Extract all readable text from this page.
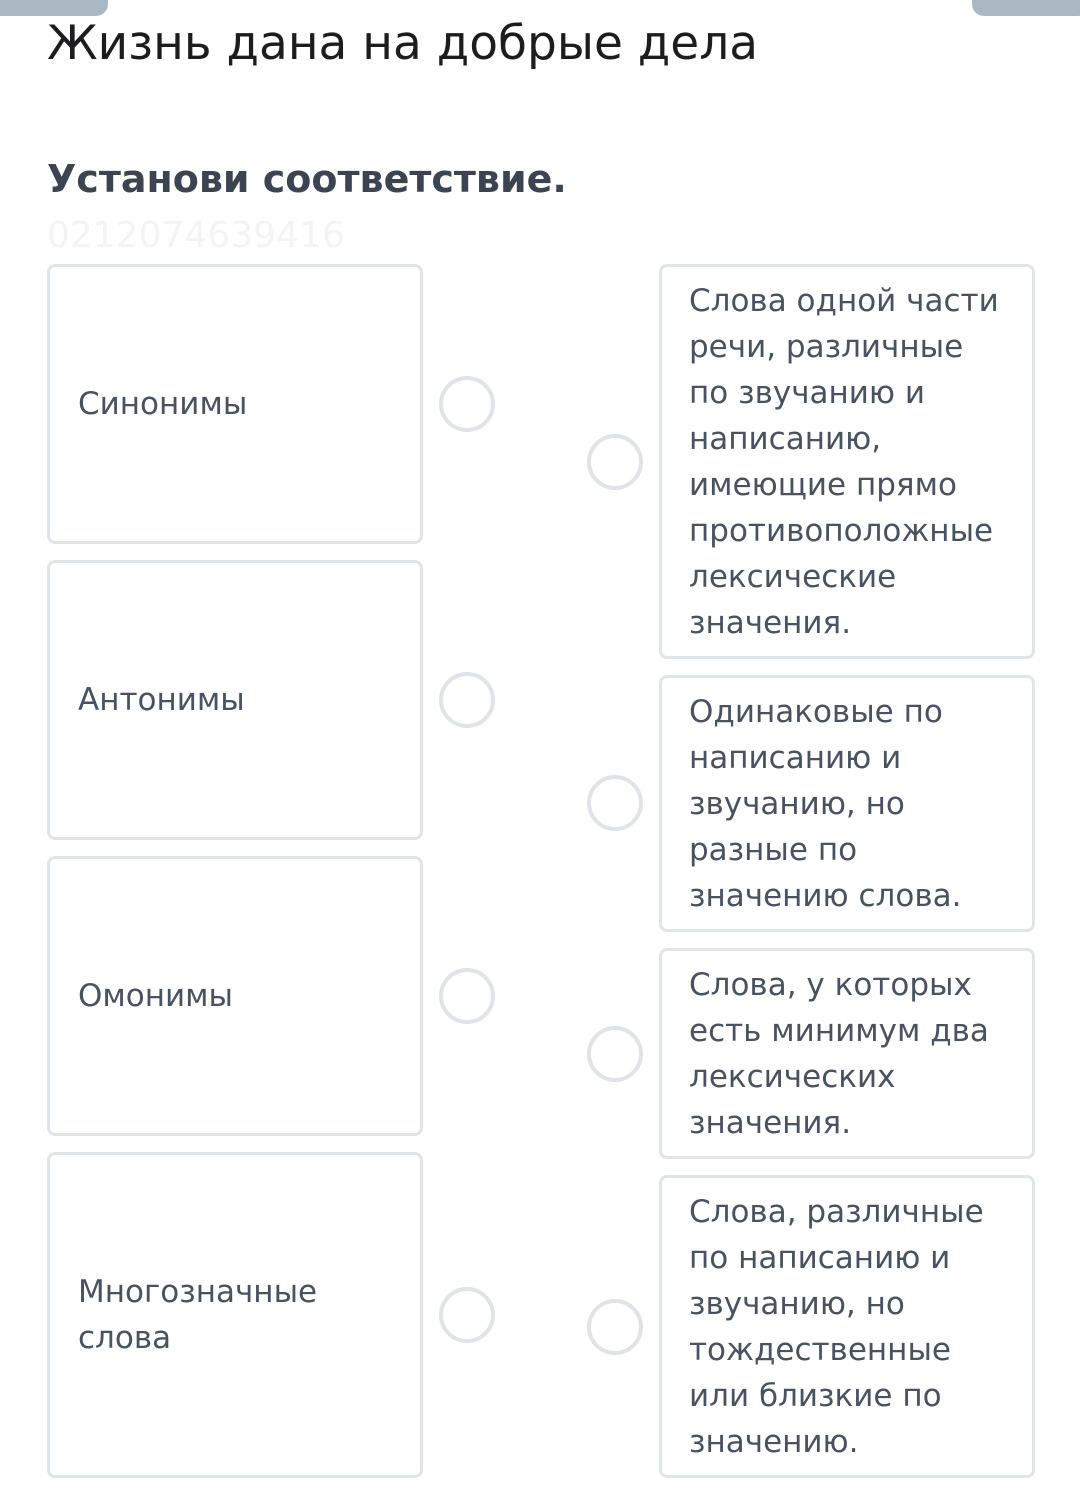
Жизнь дана на добрые дела
Установи соответствие.
0212074639416
Синонимы
Антонимы
Омонимы
Многозначные слова
Слова одной части речи, различные по звучанию и написанию, имеющие прямо противоположные лексические значения.
Одинаковые по написанию и звучанию, но разные по значению слова.
Слова, у которых есть минимум два лексических значения.
Слова, различные по написанию и звучанию, но тождественные или близкие по значению.
